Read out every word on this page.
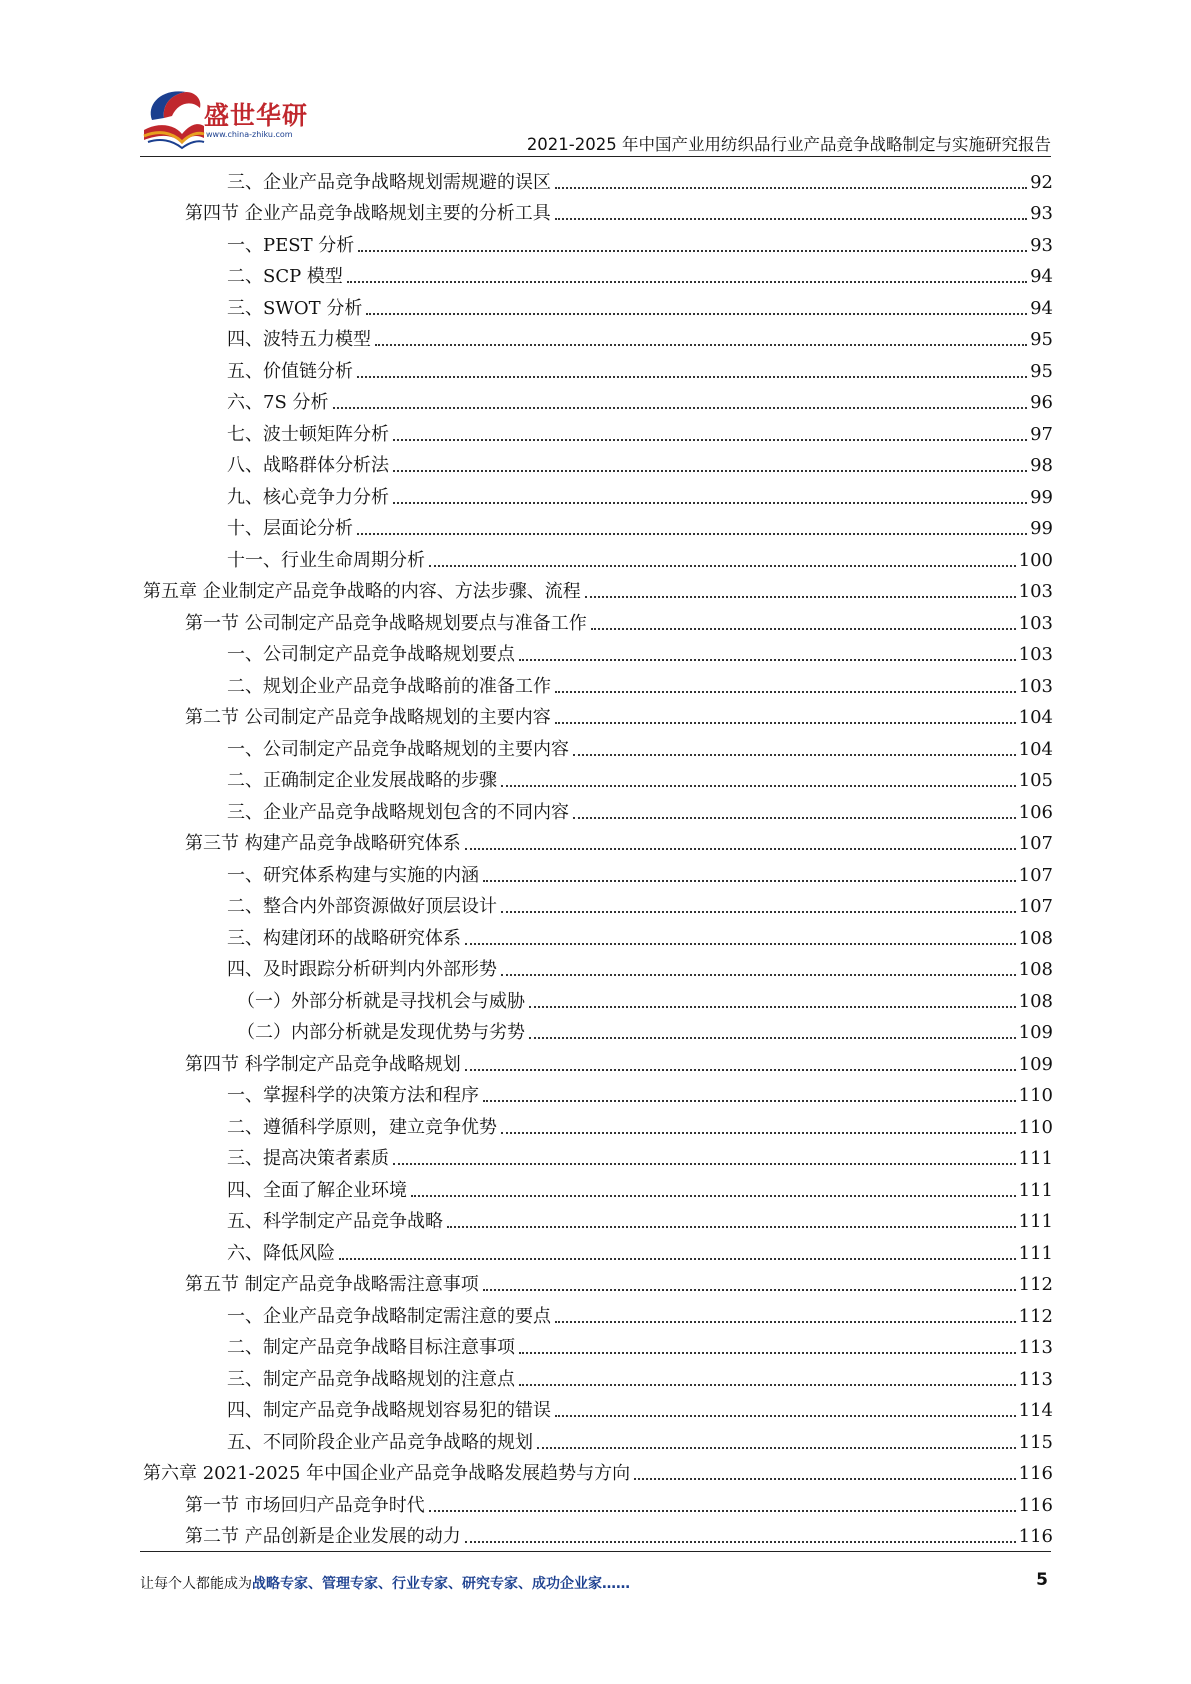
盛世华研
www.china-zhiku.com
2021-2025 年中国产业用纺织品行业产品竞争战略制定与实施研究报告
三、企业产品竞争战略规划需规避的误区	92
第四节 企业产品竞争战略规划主要的分析工具	93
一、PEST 分析	93
二、SCP 模型	94
三、SWOT 分析	94
四、波特五力模型	95
五、价值链分析	95
六、7S 分析	96
七、波士顿矩阵分析	97
八、战略群体分析法	98
九、核心竞争力分析	99
十、层面论分析	99
十一、行业生命周期分析	100
第五章 企业制定产品竞争战略的内容、方法步骤、流程	103
第一节 公司制定产品竞争战略规划要点与准备工作	103
一、公司制定产品竞争战略规划要点	103
二、规划企业产品竞争战略前的准备工作	103
第二节 公司制定产品竞争战略规划的主要内容	104
一、公司制定产品竞争战略规划的主要内容	104
二、正确制定企业发展战略的步骤	105
三、企业产品竞争战略规划包含的不同内容	106
第三节 构建产品竞争战略研究体系	107
一、研究体系构建与实施的内涵	107
二、整合内外部资源做好顶层设计	107
三、构建闭环的战略研究体系	108
四、及时跟踪分析研判内外部形势	108
（一）外部分析就是寻找机会与威胁	108
（二）内部分析就是发现优势与劣势	109
第四节 科学制定产品竞争战略规划	109
一、掌握科学的决策方法和程序	110
二、遵循科学原则，建立竞争优势	110
三、提高决策者素质	111
四、全面了解企业环境	111
五、科学制定产品竞争战略	111
六、降低风险	111
第五节 制定产品竞争战略需注意事项	112
一、企业产品竞争战略制定需注意的要点	112
二、制定产品竞争战略目标注意事项	113
三、制定产品竞争战略规划的注意点	113
四、制定产品竞争战略规划容易犯的错误	114
五、不同阶段企业产品竞争战略的规划	115
第六章 2021-2025 年中国企业产品竞争战略发展趋势与方向	116
第一节 市场回归产品竞争时代	116
第二节 产品创新是企业发展的动力	116
让每个人都能成为战略专家、管理专家、行业专家、研究专家、成功企业家……	5
